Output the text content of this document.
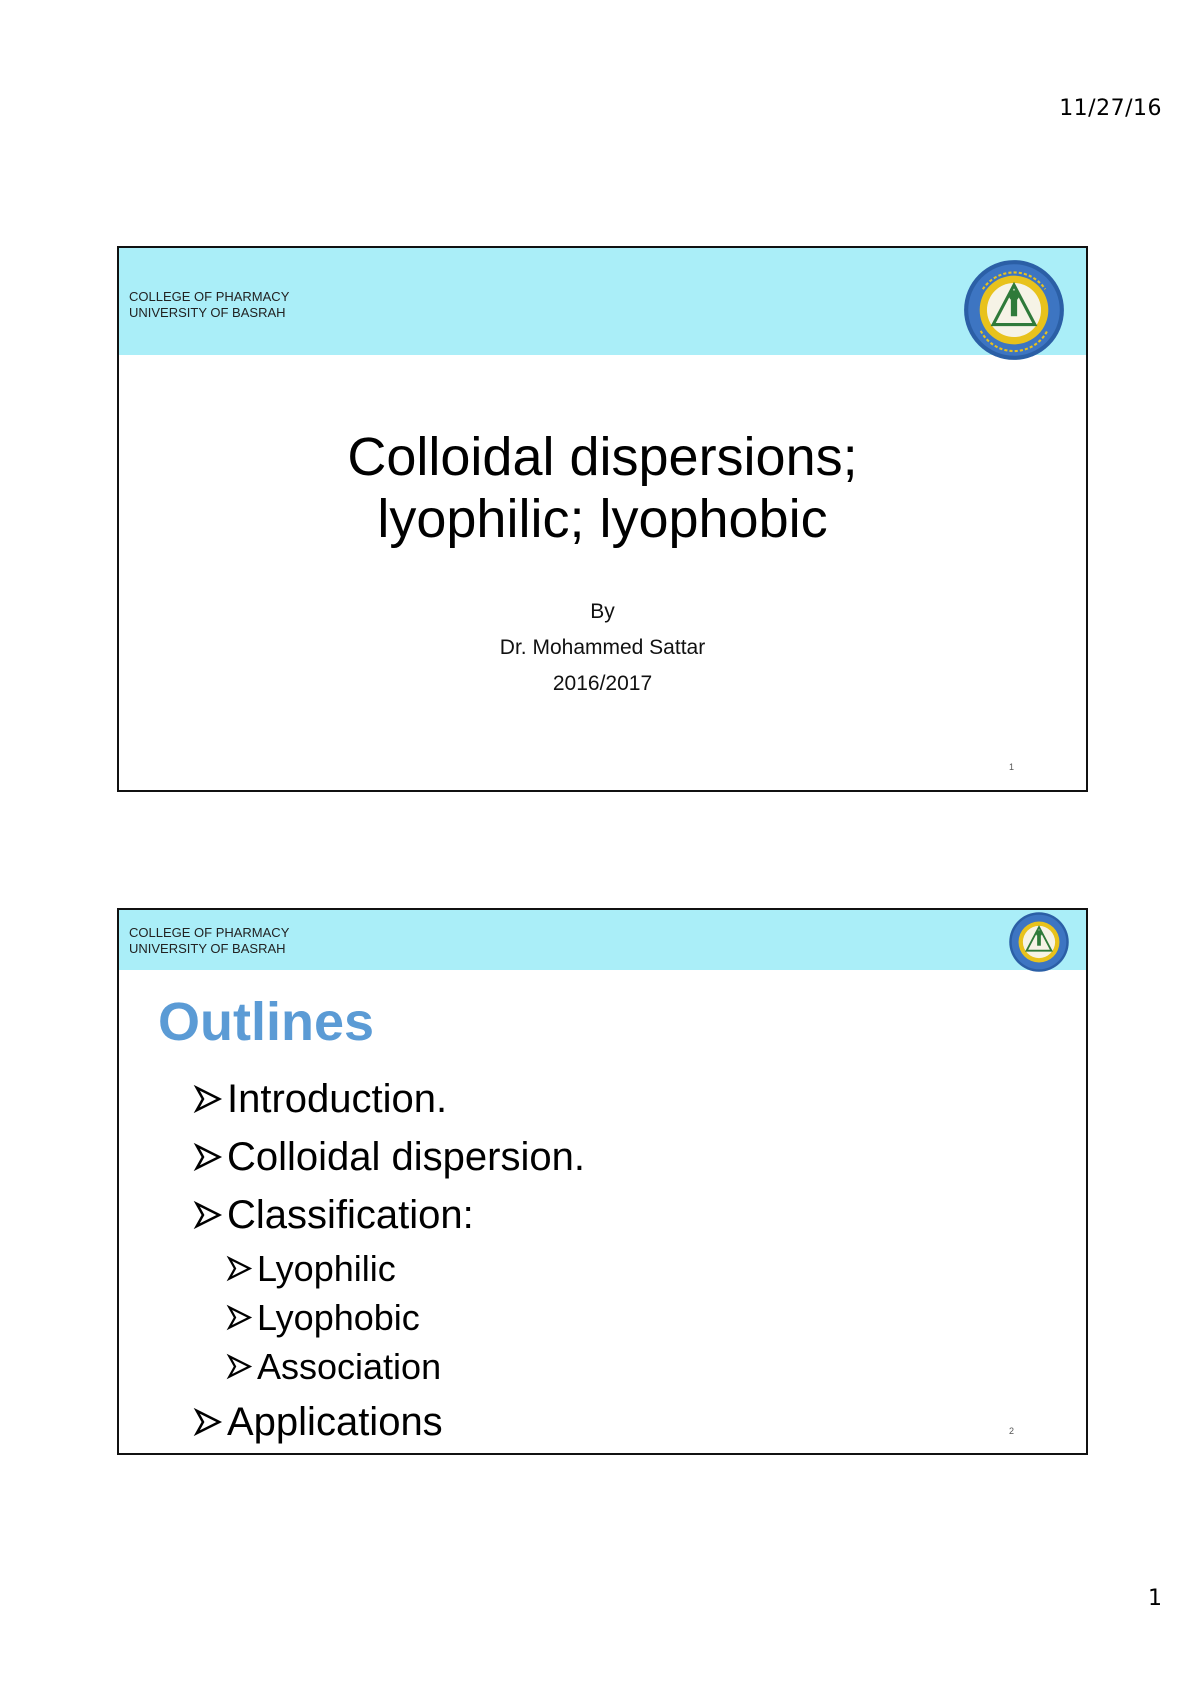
11/27/16
COLLEGE OF PHARMACY
UNIVERSITY OF BASRAH
Colloidal dispersions;
lyophilic; lyophobic
By
Dr. Mohammed Sattar
2016/2017
1
COLLEGE OF PHARMACY
UNIVERSITY OF BASRAH
Outlines
Introduction.
Colloidal dispersion.
Classification:
Lyophilic
Lyophobic
Association
Applications	2
1
